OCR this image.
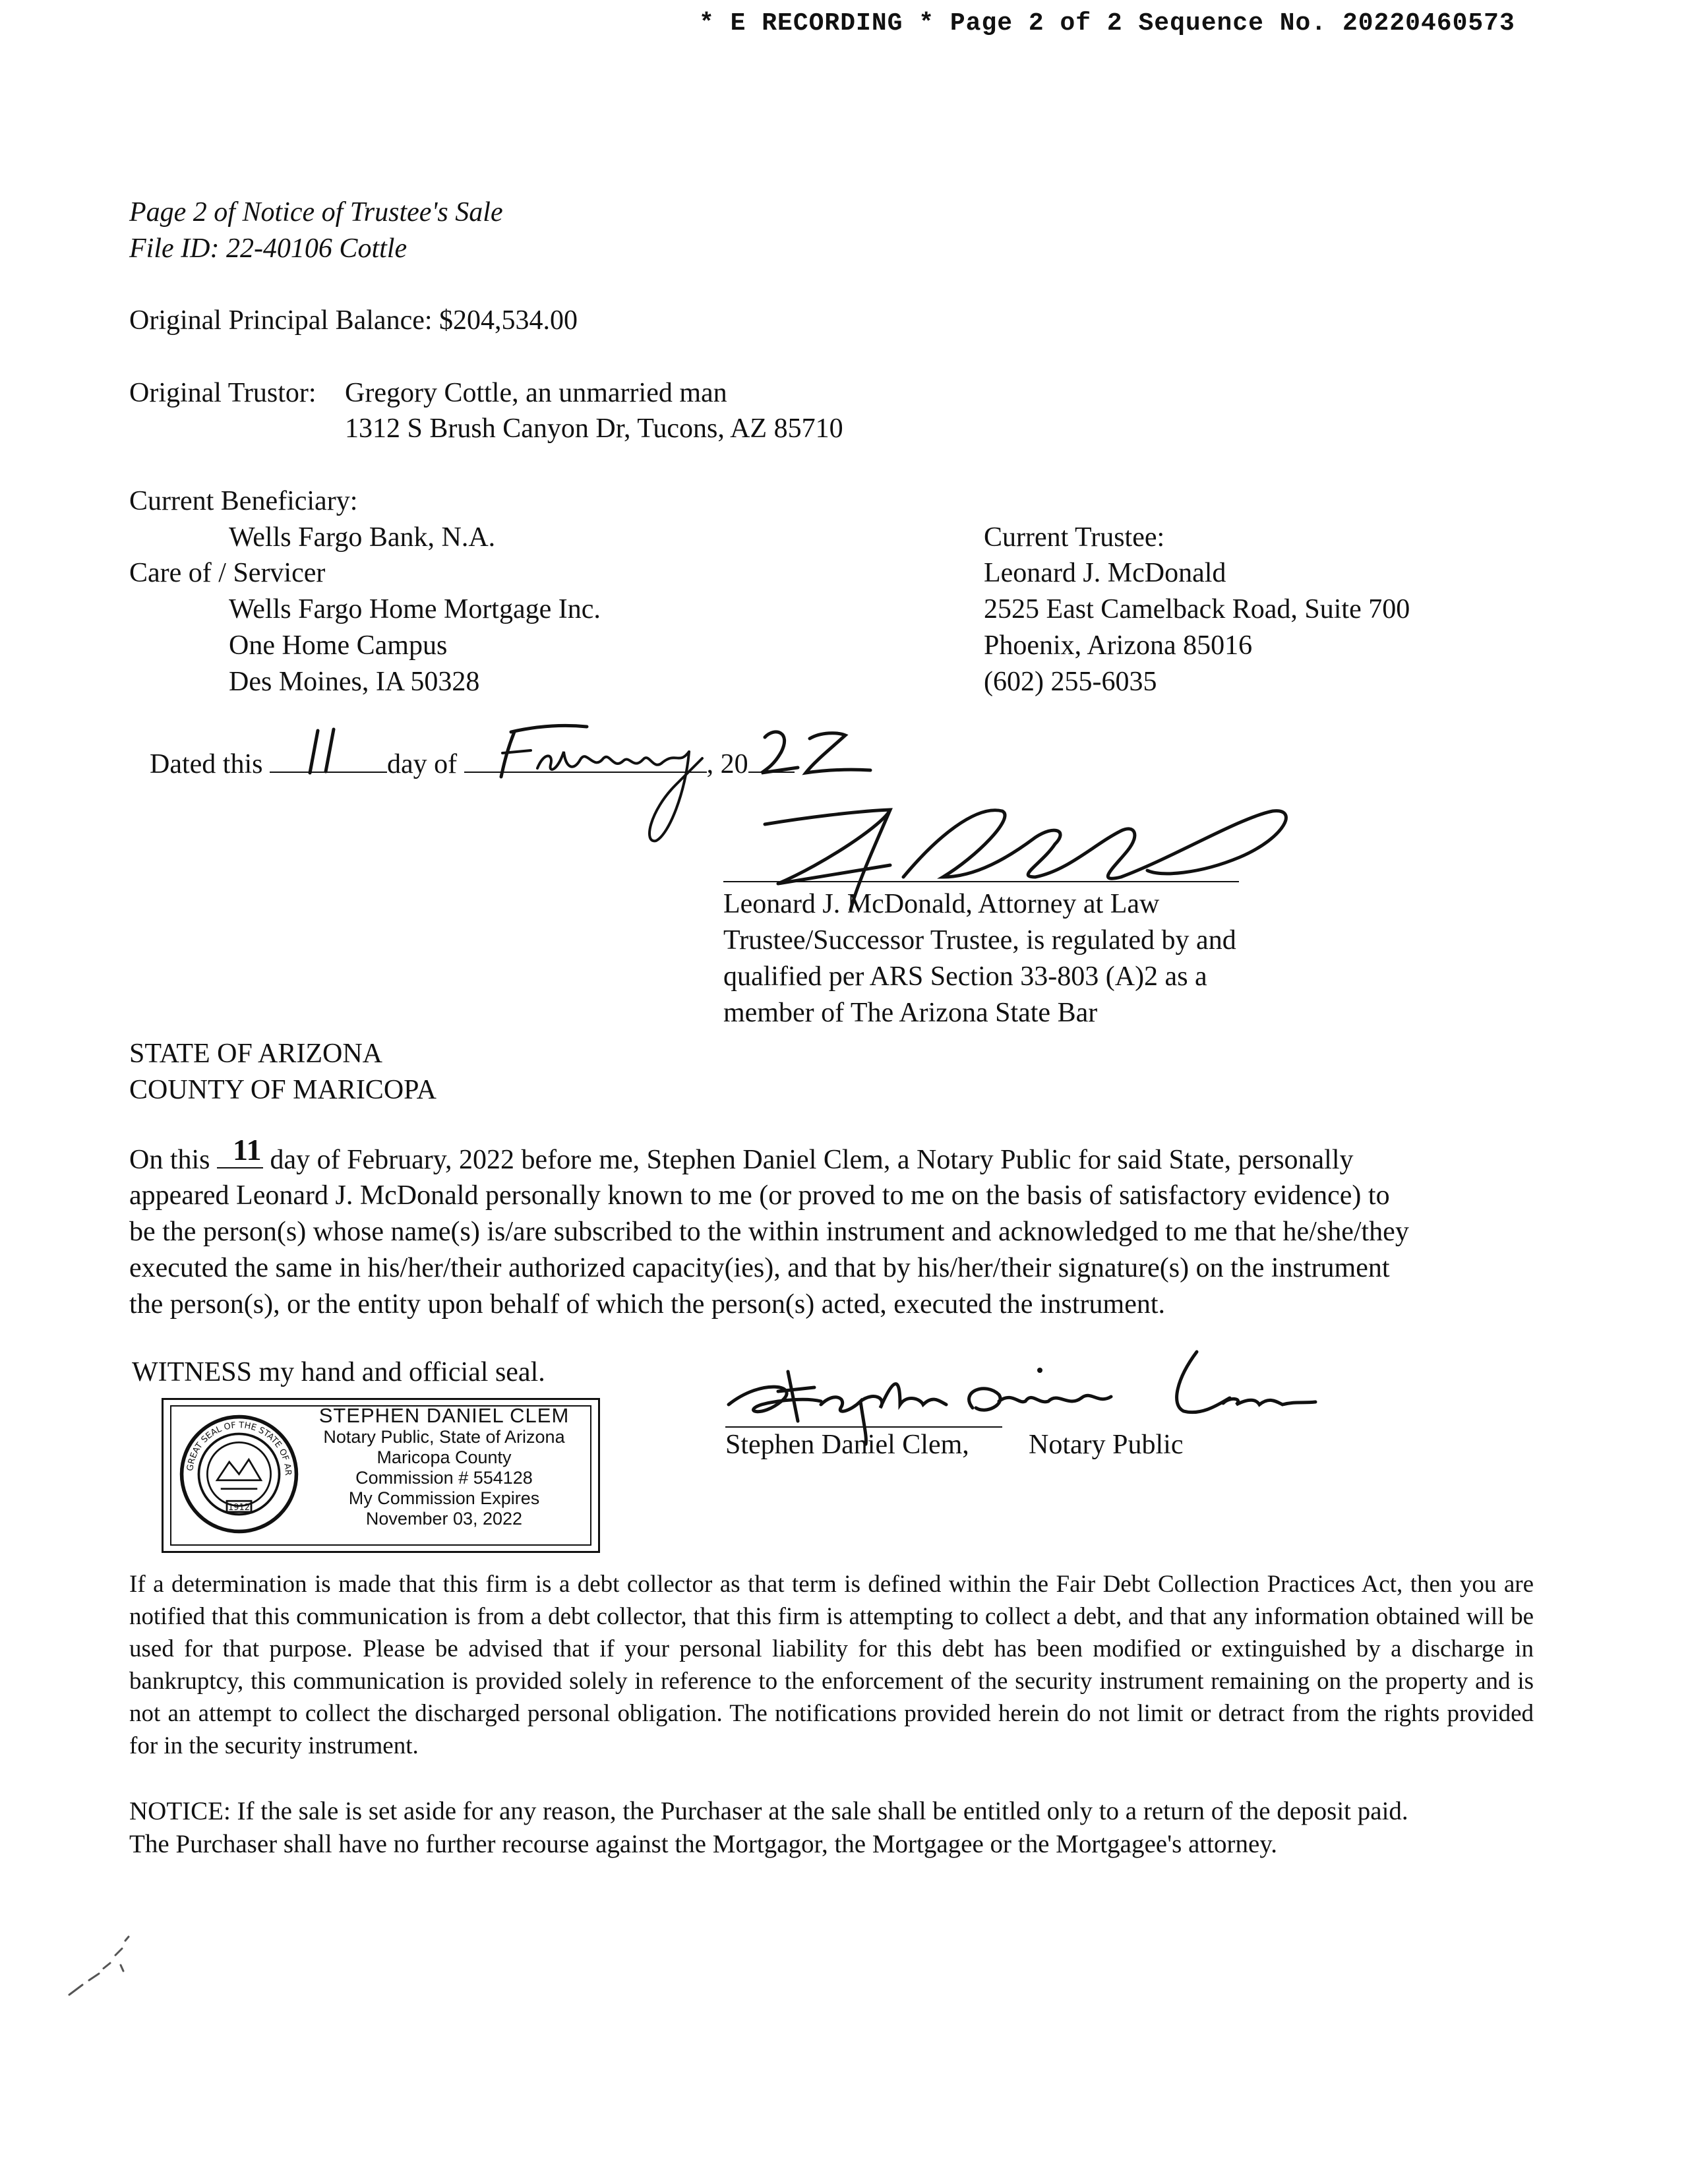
* E RECORDING * Page 2 of 2 Sequence No. 20220460573
Page 2 of Notice of Trustee's Sale
File ID: 22-40106 Cottle
Original Principal Balance: $204,534.00
Original Trustor: Gregory Cottle, an unmarried man
1312 S Brush Canyon Dr, Tucons, AZ 85710
Current Beneficiary:
Wells Fargo Bank, N.A.
Care of / Servicer
Wells Fargo Home Mortgage Inc.
One Home Campus
Des Moines, IA 50328
Current Trustee:
Leonard J. McDonald
2525 East Camelback Road, Suite 700
Phoenix, Arizona 85016
(602) 255-6035
Dated this	day of	, 20
Leonard J. McDonald, Attorney at Law
Trustee/Successor Trustee, is regulated by and
qualified per ARS Section 33-803 (A)2 as a
member of The Arizona State Bar
STATE OF ARIZONA
COUNTY OF MARICOPA
On this 11 day of February, 2022 before me, Stephen Daniel Clem, a Notary Public for said State, personally
appeared Leonard J. McDonald personally known to me (or proved to me on the basis of satisfactory evidence) to
be the person(s) whose name(s) is/are subscribed to the within instrument and acknowledged to me that he/she/they
executed the same in his/her/their authorized capacity(ies), and that by his/her/their signature(s) on the instrument
the person(s), or the entity upon behalf of which the person(s) acted, executed the instrument.
WITNESS my hand and official seal.
1912
GREAT SEAL OF THE STATE OF ARIZONA	STEPHEN DANIEL CLEM
Notary Public, State of Arizona
Maricopa County
Commission # 554128
My Commission Expires
November 03, 2022
Stephen Daniel Clem, Notary Public
If a determination is made that this firm is a debt collector as that term is defined within the Fair Debt Collection Practices Act, then you are notified that this communication is from a debt collector, that this firm is attempting to collect a debt, and that any information obtained will be used for that purpose. Please be advised that if your personal liability for this debt has been modified or extinguished by a discharge in bankruptcy, this communication is provided solely in reference to the enforcement of the security instrument remaining on the property and is not an attempt to collect the discharged personal obligation. The notifications provided herein do not limit or detract from the rights provided for in the security instrument.
NOTICE: If the sale is set aside for any reason, the Purchaser at the sale shall be entitled only to a return of the deposit paid.
The Purchaser shall have no further recourse against the Mortgagor, the Mortgagee or the Mortgagee's attorney.
